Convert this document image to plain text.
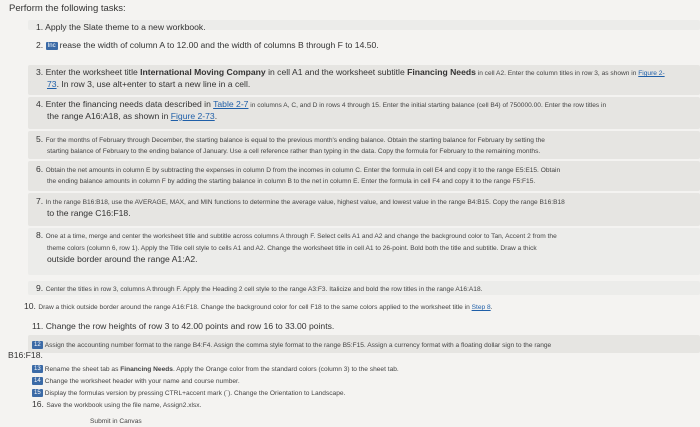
Perform the following tasks:
1. Apply the Slate theme to a new workbook.
2. Inc rease the width of column A to 12.00 and the width of columns B through F to 14.50.
3. Enter the worksheet title International Moving Company in cell A1 and the worksheet subtitle Financing Needs in cell A2. Enter the column titles in row 3, as shown in Figure 2-
73. In row 3, use alt+enter to start a new line in a cell.
4. Enter the financing needs data described in Table 2-7 in columns A, C, and D in rows 4 through 15. Enter the initial starting balance (cell B4) of 750000.00. Enter the row titles in
the range A16:A18, as shown in Figure 2-73.
5. For the months of February through December, the starting balance is equal to the previous month's ending balance. Obtain the starting balance for February by setting the
starting balance of February to the ending balance of January. Use a cell reference rather than typing in the data. Copy the formula for February to the remaining months.
6. Obtain the net amounts in column E by subtracting the expenses in column D from the incomes in column C. Enter the formula in cell E4 and copy it to the range E5:E15. Obtain
the ending balance amounts in column F by adding the starting balance in column B to the net in column E. Enter the formula in cell F4 and copy it to the range F5:F15.
7. In the range B16:B18, use the AVERAGE, MAX, and MIN functions to determine the average value, highest value, and lowest value in the range B4:B15. Copy the range B16:B18
to the range C16:F18.
8. One at a time, merge and center the worksheet title and subtitle across columns A through F. Select cells A1 and A2 and change the background color to Tan, Accent 2 from the
theme colors (column 6, row 1). Apply the Title cell style to cells A1 and A2. Change the worksheet title in cell A1 to 26-point. Bold both the title and subtitle. Draw a thick
outside border around the range A1:A2.
9. Center the titles in row 3, columns A through F. Apply the Heading 2 cell style to the range A3:F3. Italicize and bold the row titles in the range A16:A18.
10. Draw a thick outside border around the range A16:F18. Change the background color for cell F18 to the same colors applied to the worksheet title in Step 8.
11. Change the row heights of row 3 to 42.00 points and row 16 to 33.00 points.
12 Assign the accounting number format to the range B4:F4. Assign the comma style format to the range B5:F15. Assign a currency format with a floating dollar sign to the range
B16:F18.
13 Rename the sheet tab as Financing Needs. Apply the Orange color from the standard colors (column 3) to the sheet tab.
14 Change the worksheet header with your name and course number.
15 Display the formulas version by pressing CTRL+accent mark (`). Change the Orientation to Landscape.
16. Save the workbook using the file name, Assign2.xlsx.
Submit in Canvas
